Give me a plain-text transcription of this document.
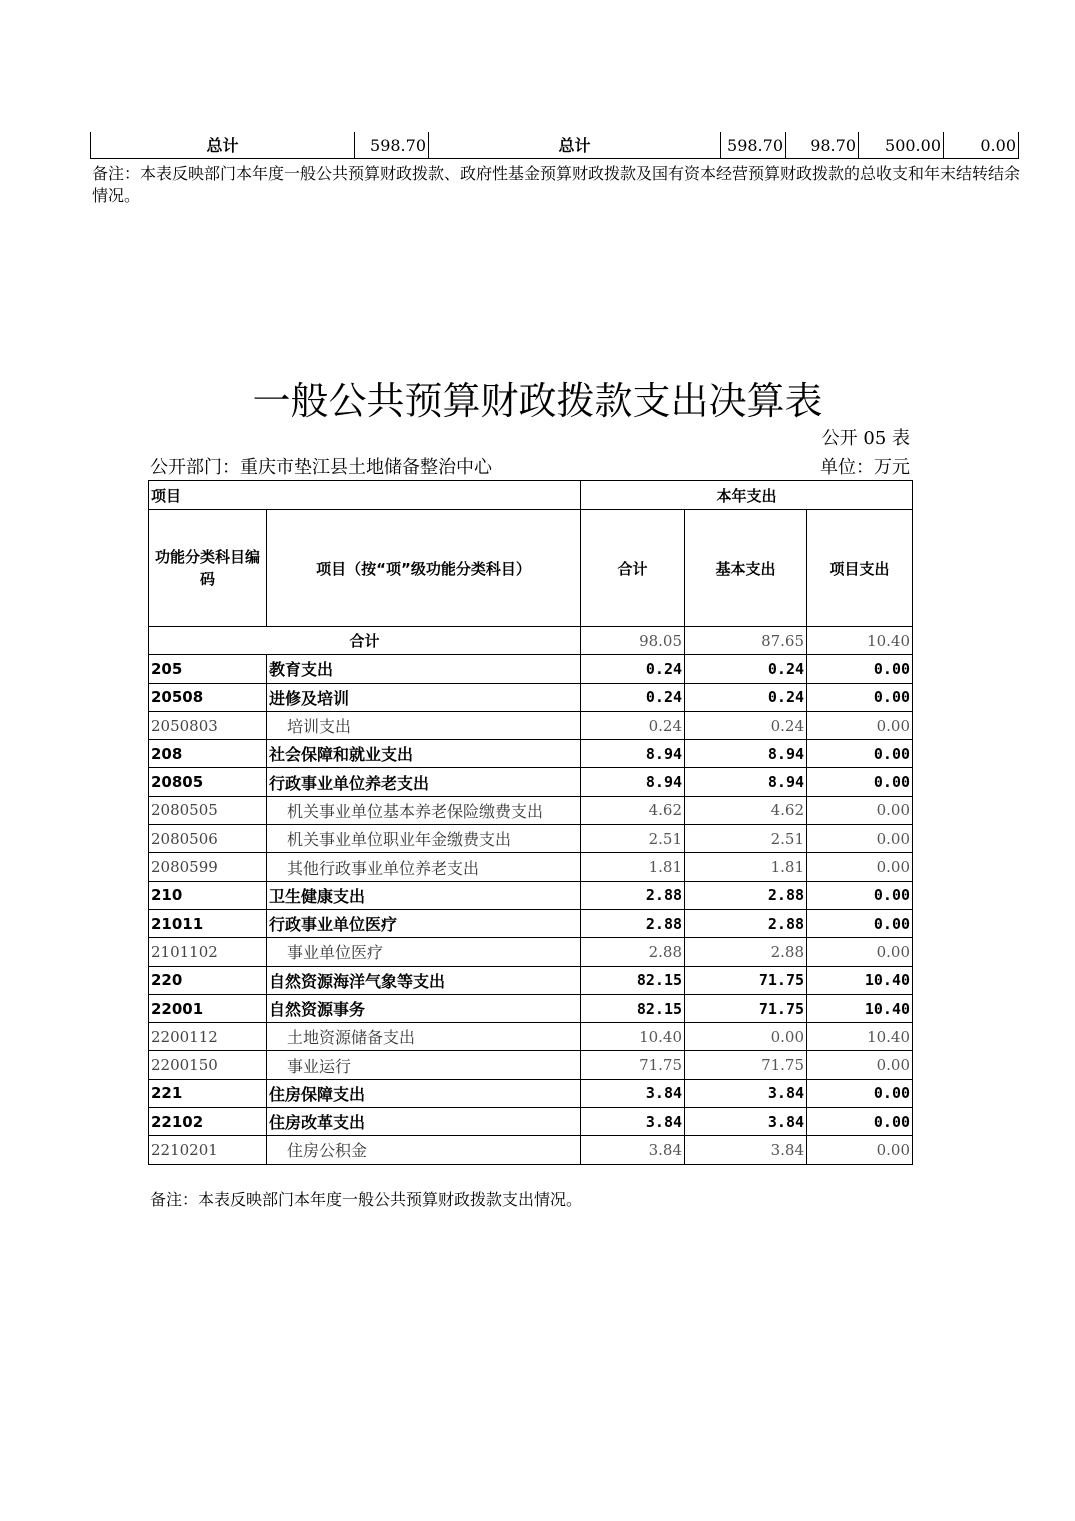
总计	598.70	总计	598.70	98.70	500.00	0.00
备注：本表反映部门本年度一般公共预算财政拨款、政府性基金预算财政拨款及国有资本经营预算财政拨款的总收支和年末结转结余情况。
一般公共预算财政拨款支出决算表
公开 05 表
公开部门：重庆市垫江县土地储备整治中心	单位：万元
项目		本年支出		
功能分类科目编码	项目（按“项”级功能分类科目）	合计	基本支出	项目支出
合计		98.05	87.65	10.40
205	教育支出	0.24	0.24	0.00
20508	进修及培训	0.24	0.24	0.00
2050803	培训支出	0.24	0.24	0.00
208	社会保障和就业支出	8.94	8.94	0.00
20805	行政事业单位养老支出	8.94	8.94	0.00
2080505	机关事业单位基本养老保险缴费支出	4.62	4.62	0.00
2080506	机关事业单位职业年金缴费支出	2.51	2.51	0.00
2080599	其他行政事业单位养老支出	1.81	1.81	0.00
210	卫生健康支出	2.88	2.88	0.00
21011	行政事业单位医疗	2.88	2.88	0.00
2101102	事业单位医疗	2.88	2.88	0.00
220	自然资源海洋气象等支出	82.15	71.75	10.40
22001	自然资源事务	82.15	71.75	10.40
2200112	土地资源储备支出	10.40	0.00	10.40
2200150	事业运行	71.75	71.75	0.00
221	住房保障支出	3.84	3.84	0.00
22102	住房改革支出	3.84	3.84	0.00
2210201	住房公积金	3.84	3.84	0.00
备注：本表反映部门本年度一般公共预算财政拨款支出情况。
